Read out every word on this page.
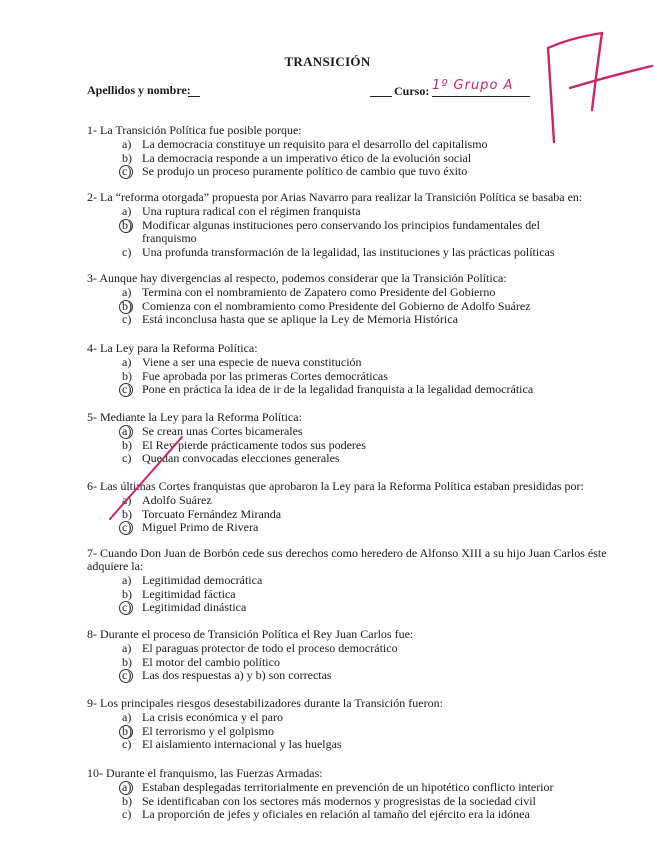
TRANSICIÓN
Apellidos y nombre:	Curso: 1º Grupo A
1- La Transición Política fue posible porque:
a) La democracia constituye un requisito para el desarrollo del capitalismo
b) La democracia responde a un imperativo ético de la evolución social
c) Se produjo un proceso puramente político de cambio que tuvo éxito
2- La “reforma otorgada” propuesta por Arias Navarro para realizar la Transición Política se basaba en:
a) Una ruptura radical con el régimen franquista
b) Modificar algunas instituciones pero conservando los principios fundamentales del franquismo
c) Una profunda transformación de la legalidad, las instituciones y las prácticas políticas
3- Aunque hay divergencias al respecto, podemos considerar que la Transición Política:
a) Termina con el nombramiento de Zapatero como Presidente del Gobierno
b) Comienza con el nombramiento como Presidente del Gobierno de Adolfo Suárez
c) Está inconclusa hasta que se aplique la Ley de Memoria Histórica
4- La Ley para la Reforma Política:
a) Viene a ser una especie de nueva constitución
b) Fue aprobada por las primeras Cortes democráticas
c) Pone en práctica la idea de ir de la legalidad franquista a la legalidad democrática
5- Mediante la Ley para la Reforma Política:
a) Se crean unas Cortes bicamerales
b) El Rey pierde prácticamente todos sus poderes
c) Quedan convocadas elecciones generales
6- Las últimas Cortes franquistas que aprobaron la Ley para la Reforma Política estaban presididas por:
a) Adolfo Suárez
b) Torcuato Fernández Miranda
c) Miguel Primo de Rivera
7- Cuando Don Juan de Borbón cede sus derechos como heredero de Alfonso XIII a su hijo Juan Carlos éste adquiere la:
a) Legitimidad democrática
b) Legitimidad fáctica
c) Legitimidad dinástica
8- Durante el proceso de Transición Política el Rey Juan Carlos fue:
a) El paraguas protector de todo el proceso democrático
b) El motor del cambio político
c) Las dos respuestas a) y b) son correctas
9- Los principales riesgos desestabilizadores durante la Transición fueron:
a) La crisis económica y el paro
b) El terrorismo y el golpismo
c) El aislamiento internacional y las huelgas
10- Durante el franquismo, las Fuerzas Armadas:
a) Estaban desplegadas territorialmente en prevención de un hipotético conflicto interior
b) Se identificaban con los sectores más modernos y progresistas de la sociedad civil
c) La proporción de jefes y oficiales en relación al tamaño del ejército era la idónea
